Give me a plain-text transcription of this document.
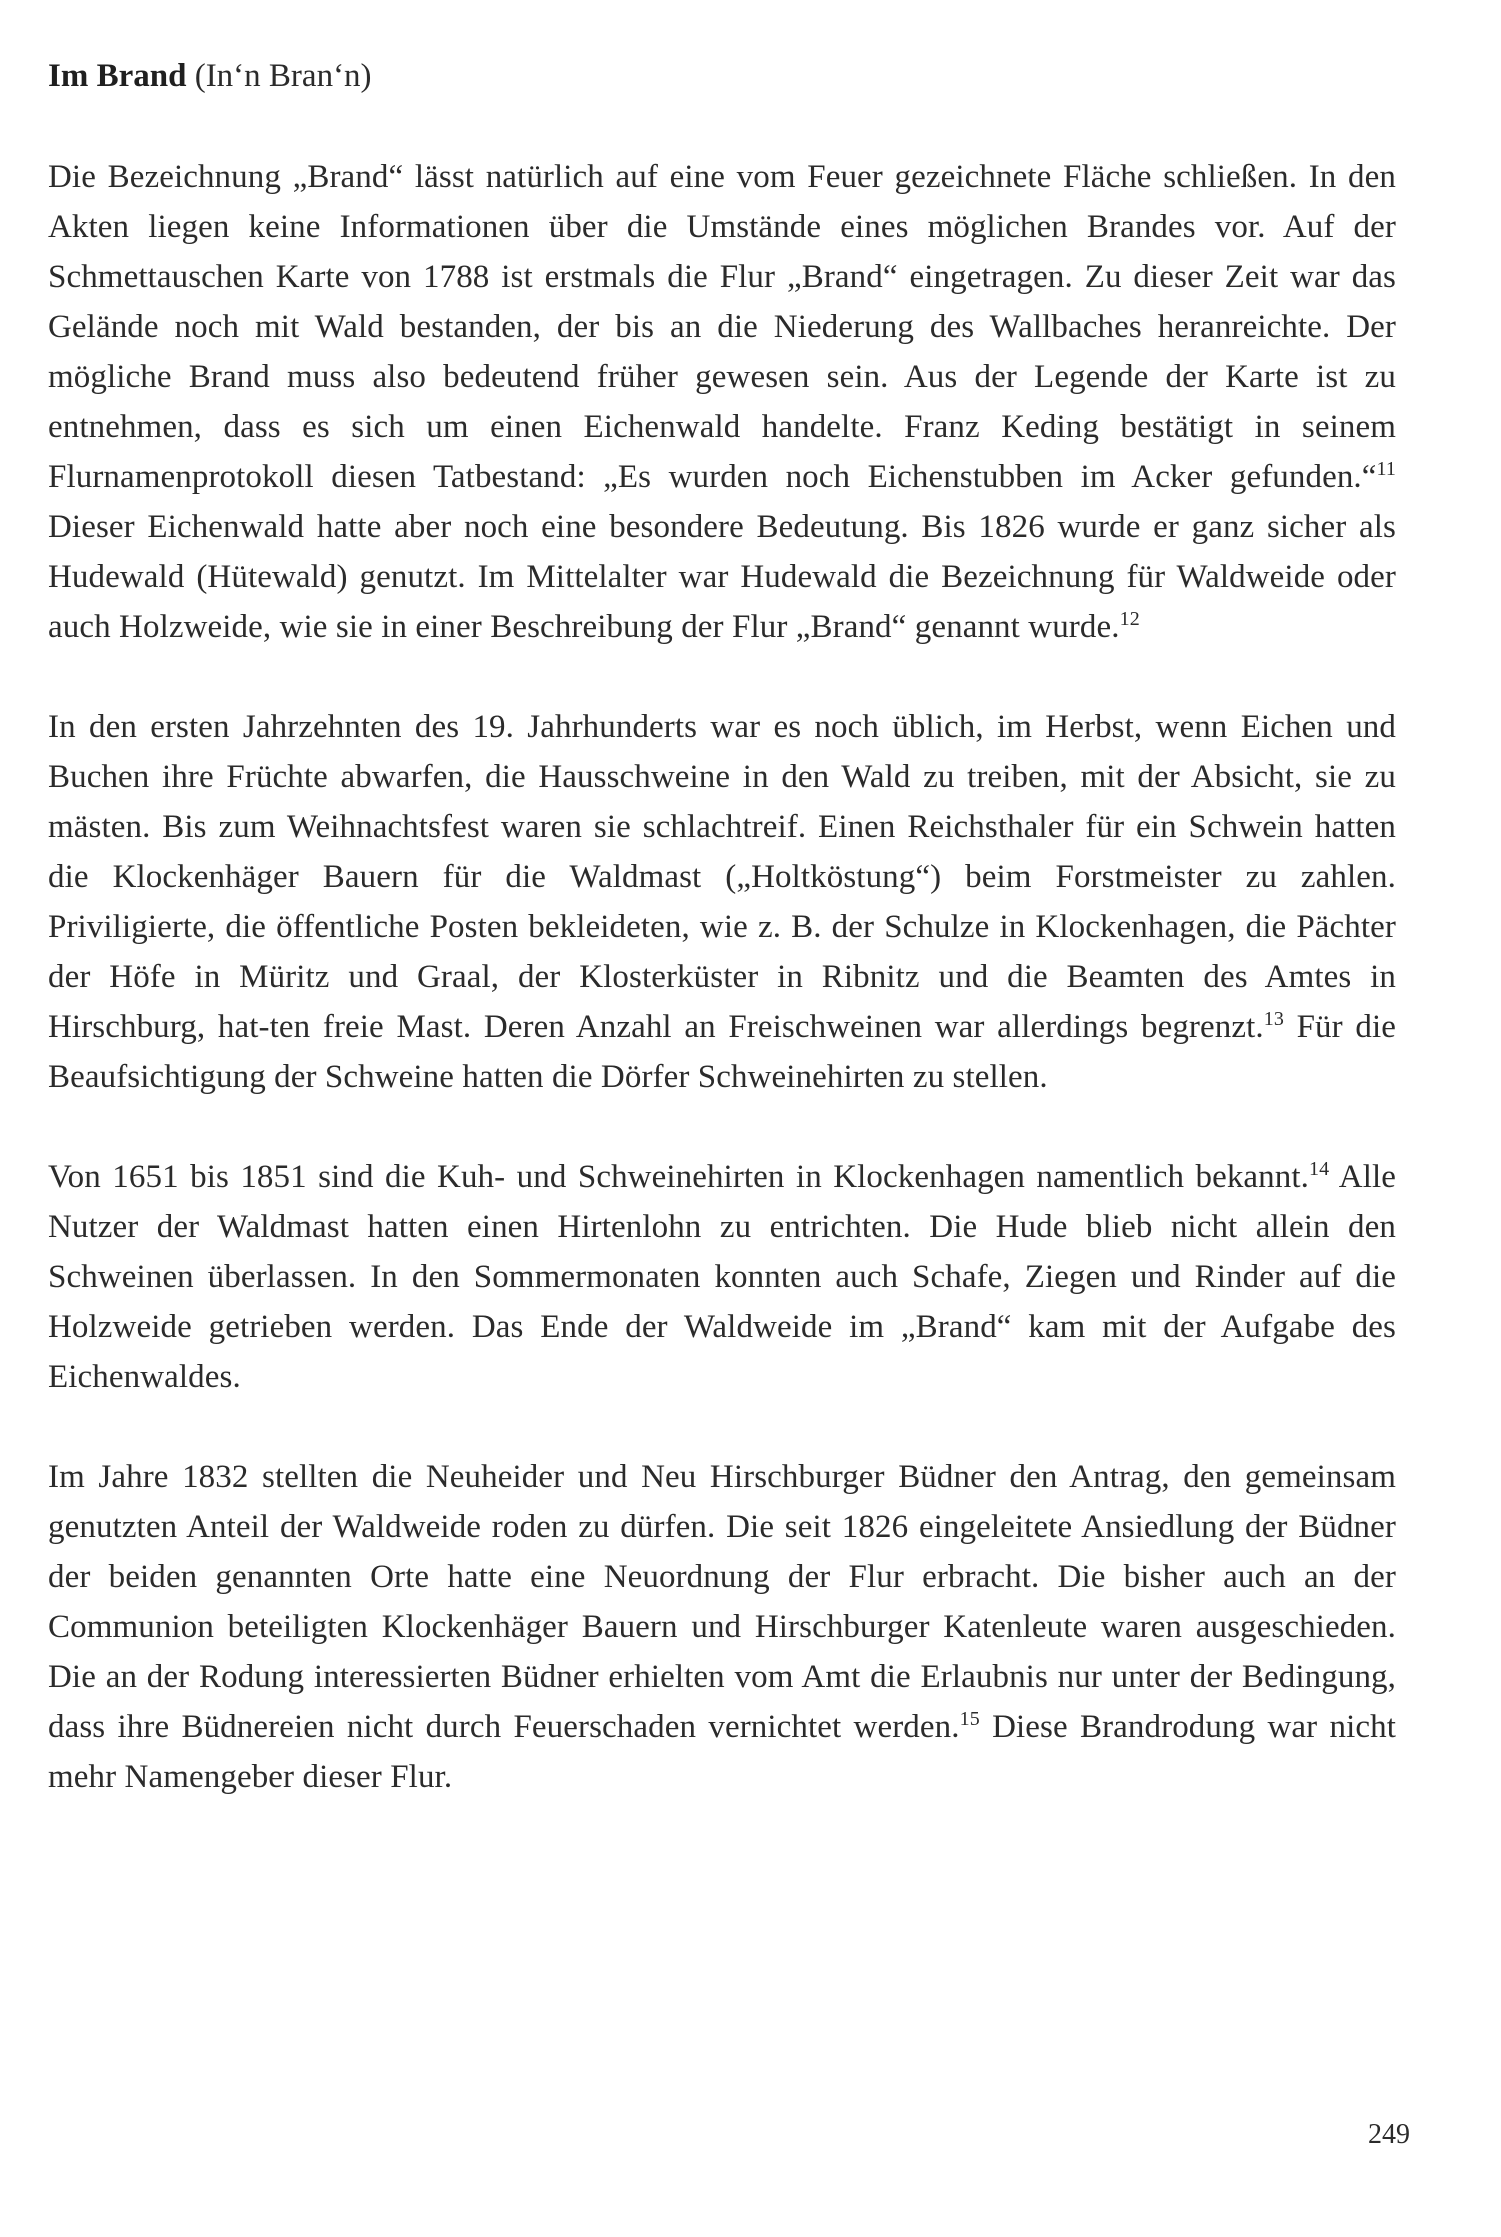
Im Brand (In‘n Bran‘n)

Die Bezeichnung „Brand“ lässt natürlich auf eine vom Feuer gezeichnete Fläche schließen. In den Akten liegen keine Informationen über die Umstände eines möglichen Brandes vor. Auf der Schmettauschen Karte von 1788 ist erstmals die Flur „Brand“ eingetragen. Zu dieser Zeit war das Gelände noch mit Wald bestanden, der bis an die Niederung des Wallbaches heranreichte. Der mögliche Brand muss also bedeutend früher gewesen sein. Aus der Legende der Karte ist zu entnehmen, dass es sich um einen Eichenwald handelte. Franz Keding bestätigt in seinem Flurnamenprotokoll diesen Tatbestand: „Es wurden noch Eichenstubben im Acker gefunden.“$^{11}$ Dieser Eichenwald hatte aber noch eine besondere Bedeutung. Bis 1826 wurde er ganz sicher als Hudewald (Hütewald) genutzt. Im Mittelalter war Hudewald die Bezeichnung für Waldweide oder auch Holzweide, wie sie in einer Beschreibung der Flur „Brand“ genannt wurde.$^{12}$

In den ersten Jahrzehnten des 19. Jahrhunderts war es noch üblich, im Herbst, wenn Eichen und Buchen ihre Früchte abwarfen, die Hausschweine in den Wald zu treiben, mit der Absicht, sie zu mästen. Bis zum Weihnachtsfest waren sie schlachtreif. Einen Reichsthaler für ein Schwein hatten die Klockenhäger Bauern für die Waldmast („Holtköstung“) beim Forstmeister zu zahlen. Priviligierte, die öffentliche Posten bekleideten, wie z. B. der Schulze in Klockenhagen, die Pächter der Höfe in Müritz und Graal, der Klosterküster in Ribnitz und die Beamten des Amtes in Hirschburg, hat-ten freie Mast. Deren Anzahl an Freischweinen war allerdings begrenzt.$^{13}$ Für die Beaufsichtigung der Schweine hatten die Dörfer Schweinehirten zu stellen.

Von 1651 bis 1851 sind die Kuh- und Schweinehirten in Klockenhagen namentlich bekannt.$^{14}$ Alle Nutzer der Waldmast hatten einen Hirtenlohn zu entrichten. Die Hude blieb nicht allein den Schweinen überlassen. In den Sommermonaten konnten auch Schafe, Ziegen und Rinder auf die Holzweide getrieben werden. Das Ende der Waldweide im „Brand“ kam mit der Aufgabe des Eichenwaldes.

Im Jahre 1832 stellten die Neuheider und Neu Hirschburger Büdner den Antrag, den gemeinsam genutzten Anteil der Waldweide roden zu dürfen. Die seit 1826 eingeleitete Ansiedlung der Büdner der beiden genannten Orte hatte eine Neuordnung der Flur erbracht. Die bisher auch an der Communion beteiligten Klockenhäger Bauern und Hirschburger Katenleute waren ausgeschieden. Die an der Rodung interessierten Büdner erhielten vom Amt die Erlaubnis nur unter der Bedingung, dass ihre Büdnereien nicht durch Feuerschaden vernichtet werden.$^{15}$ Diese Brandrodung war nicht mehr Namengeber dieser Flur.

249
